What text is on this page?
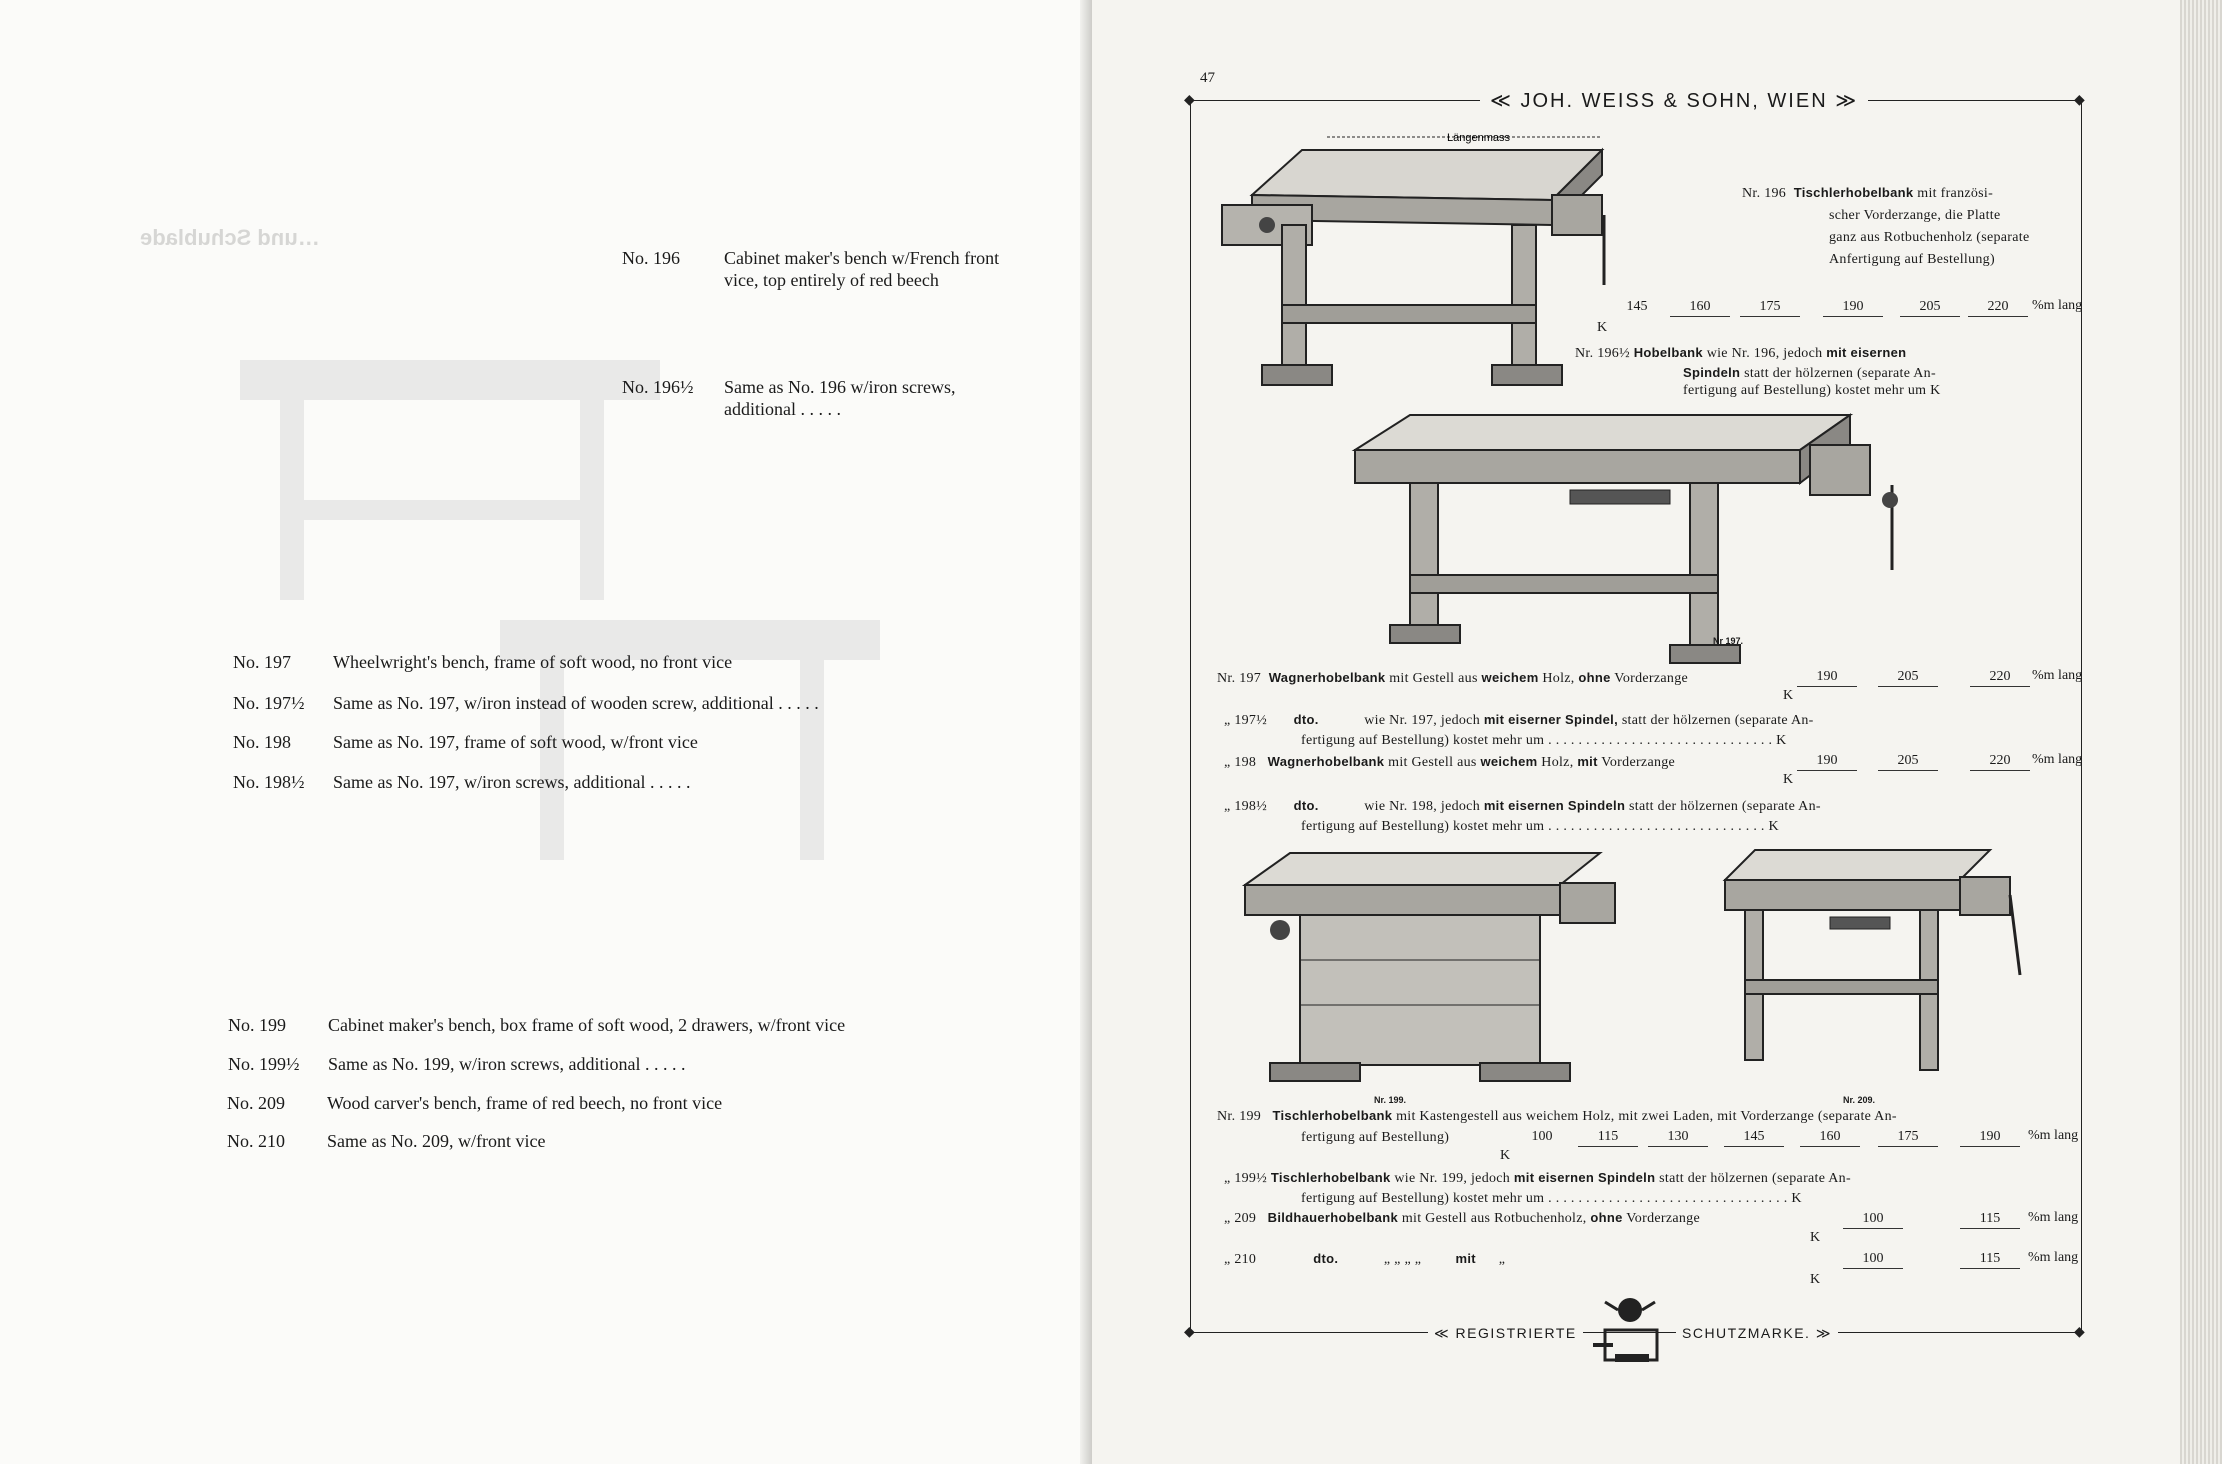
…und Schublade
No. 196 Cabinet maker's bench w/French front vice, top entirely of red beech
No. 196½ Same as No. 196 w/iron screws, additional . . . . .
No. 197 Wheelwright's bench, frame of soft wood, no front vice
No. 197½ Same as No. 197, w/iron instead of wooden screw, additional . . . . .
No. 198 Same as No. 197, frame of soft wood, w/front vice
No. 198½ Same as No. 197, w/iron screws, additional . . . . .
No. 199 Cabinet maker's bench, box frame of soft wood, 2 drawers, w/front vice
No. 199½ Same as No. 199, w/iron screws, additional . . . . .
No. 209 Wood carver's bench, frame of red beech, no front vice
No. 210 Same as No. 209, w/front vice
◆	◆
◆	◆
47
≪ JOH. WEISS & SOHN, WIEN ≫
Längenmass
Nr. 196 Tischlerhobelbank mit französi-
scher Vorderzange, die Platte
ganz aus Rotbuchenholz (separate
Anfertigung auf Bestellung)
145	160	175	190	205	220	%m lang
K
Nr. 196½ Hobelbank wie Nr. 196, jedoch mit eisernen
Spindeln statt der hölzernen (separate An-
fertigung auf Bestellung) kostet mehr um K
Nr 197.
Nr. 197 Wagnerhobelbank mit Gestell aus weichem Holz, ohne Vorderzange	190	205	220	%m lang
K
„ 197½ dto.	wie Nr. 197, jedoch mit eiserner Spindel, statt der hölzernen (separate An-
fertigung auf Bestellung) kostet mehr um . . . . . . . . . . . . . . . . . . . . . . . . . . . . . . K
„ 198 Wagnerhobelbank mit Gestell aus weichem Holz, mit Vorderzange	190	205	220	%m lang
K
„ 198½ dto.	wie Nr. 198, jedoch mit eisernen Spindeln statt der hölzernen (separate An-
fertigung auf Bestellung) kostet mehr um . . . . . . . . . . . . . . . . . . . . . . . . . . . . . K
Nr. 199.	Nr. 209.
Nr. 199 Tischlerhobelbank mit Kastengestell aus weichem Holz, mit zwei Laden, mit Vorderzange (separate An-
fertigung auf Bestellung)	100	115	130	145	160	175	190	%m lang
K
„ 199½ Tischlerhobelbank wie Nr. 199, jedoch mit eisernen Spindeln statt der hölzernen (separate An-
fertigung auf Bestellung) kostet mehr um . . . . . . . . . . . . . . . . . . . . . . . . . . . . . . . . K
„ 209 Bildhauerhobelbank mit Gestell aus Rotbuchenholz, ohne Vorderzange	100	115	%m lang
K
„ 210	dto.	„ „ „ „	mit „	100	115	%m lang
K
≪ REGISTRIERTE	SCHUTZMARKE. ≫
